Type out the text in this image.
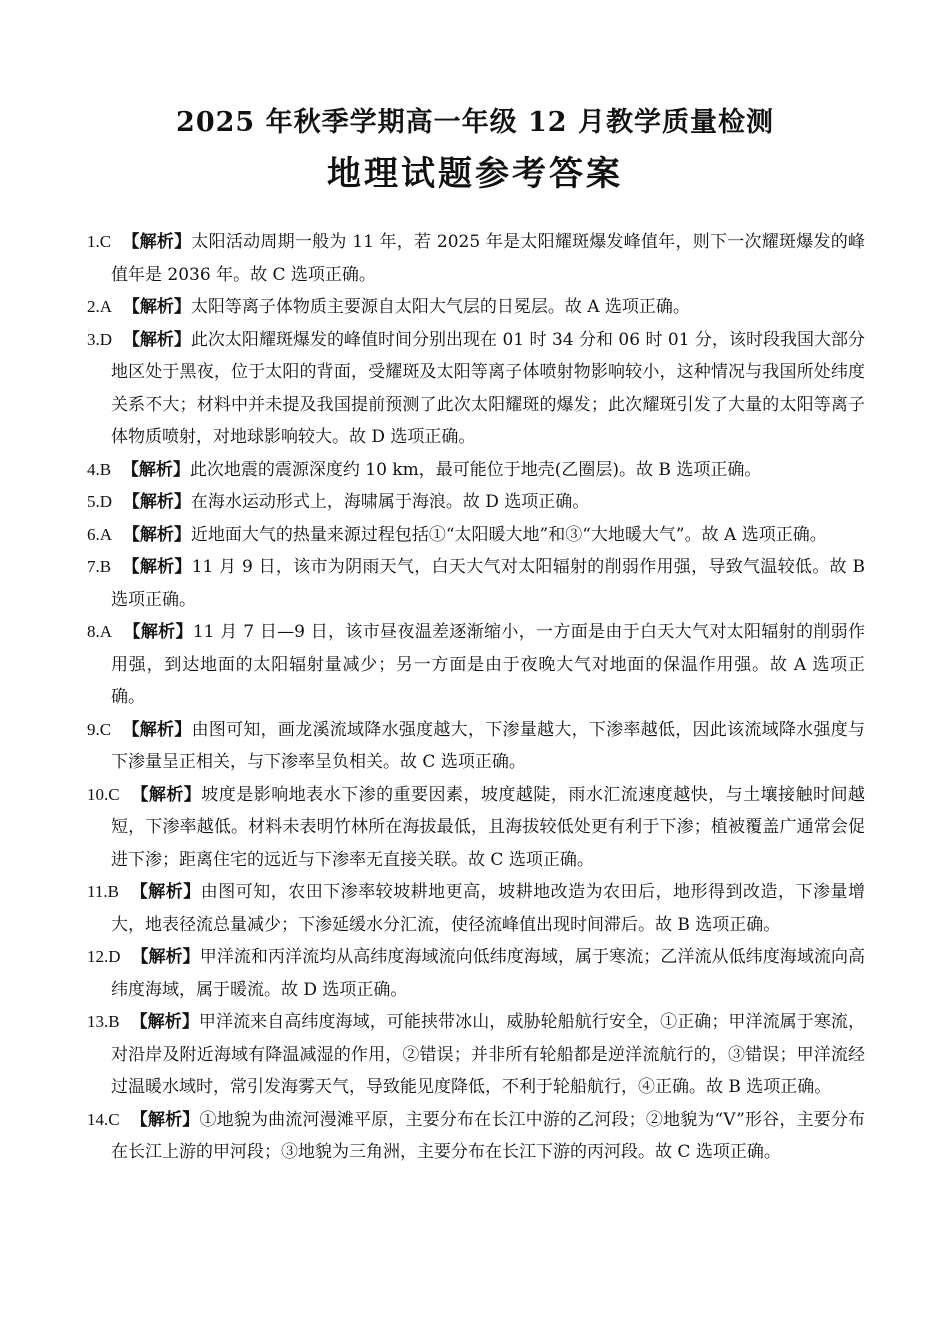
2025 年秋季学期高一年级 12 月教学质量检测
地理试题参考答案

1.C 【解析】太阳活动周期一般为 11 年，若 2025 年是太阳耀斑爆发峰值年，则下一次耀斑爆发的峰值年是 2036 年。故 C 选项正确。

2.A 【解析】太阳等离子体物质主要源自太阳大气层的日冕层。故 A 选项正确。

3.D 【解析】此次太阳耀斑爆发的峰值时间分别出现在 01 时 34 分和 06 时 01 分，该时段我国大部分地区处于黑夜，位于太阳的背面，受耀斑及太阳等离子体喷射物影响较小，这种情况与我国所处纬度关系不大；材料中并未提及我国提前预测了此次太阳耀斑的爆发；此次耀斑引发了大量的太阳等离子体物质喷射，对地球影响较大。故 D 选项正确。

4.B 【解析】此次地震的震源深度约 10 km，最可能位于地壳(乙圈层)。故 B 选项正确。

5.D 【解析】在海水运动形式上，海啸属于海浪。故 D 选项正确。

6.A 【解析】近地面大气的热量来源过程包括①“太阳暖大地”和③“大地暖大气”。故 A 选项正确。

7.B 【解析】11 月 9 日，该市为阴雨天气，白天大气对太阳辐射的削弱作用强，导致气温较低。故 B 选项正确。

8.A 【解析】11 月 7 日—9 日，该市昼夜温差逐渐缩小，一方面是由于白天大气对太阳辐射的削弱作用强，到达地面的太阳辐射量减少；另一方面是由于夜晚大气对地面的保温作用强。故 A 选项正确。

9.C 【解析】由图可知，画龙溪流域降水强度越大，下渗量越大，下渗率越低，因此该流域降水强度与下渗量呈正相关，与下渗率呈负相关。故 C 选项正确。

10.C 【解析】坡度是影响地表水下渗的重要因素，坡度越陡，雨水汇流速度越快，与土壤接触时间越短，下渗率越低。材料未表明竹林所在海拔最低，且海拔较低处更有利于下渗；植被覆盖广通常会促进下渗；距离住宅的远近与下渗率无直接关联。故 C 选项正确。

11.B 【解析】由图可知，农田下渗率较坡耕地更高，坡耕地改造为农田后，地形得到改造，下渗量增大，地表径流总量减少；下渗延缓水分汇流，使径流峰值出现时间滞后。故 B 选项正确。

12.D 【解析】甲洋流和丙洋流均从高纬度海域流向低纬度海域，属于寒流；乙洋流从低纬度海域流向高纬度海域，属于暖流。故 D 选项正确。

13.B 【解析】甲洋流来自高纬度海域，可能挟带冰山，威胁轮船航行安全，①正确；甲洋流属于寒流，对沿岸及附近海域有降温减湿的作用，②错误；并非所有轮船都是逆洋流航行的，③错误；甲洋流经过温暖水域时，常引发海雾天气，导致能见度降低，不利于轮船航行，④正确。故 B 选项正确。

14.C 【解析】①地貌为曲流河漫滩平原，主要分布在长江中游的乙河段；②地貌为“V”形谷，主要分布在长江上游的甲河段；③地貌为三角洲，主要分布在长江下游的丙河段。故 C 选项正确。
